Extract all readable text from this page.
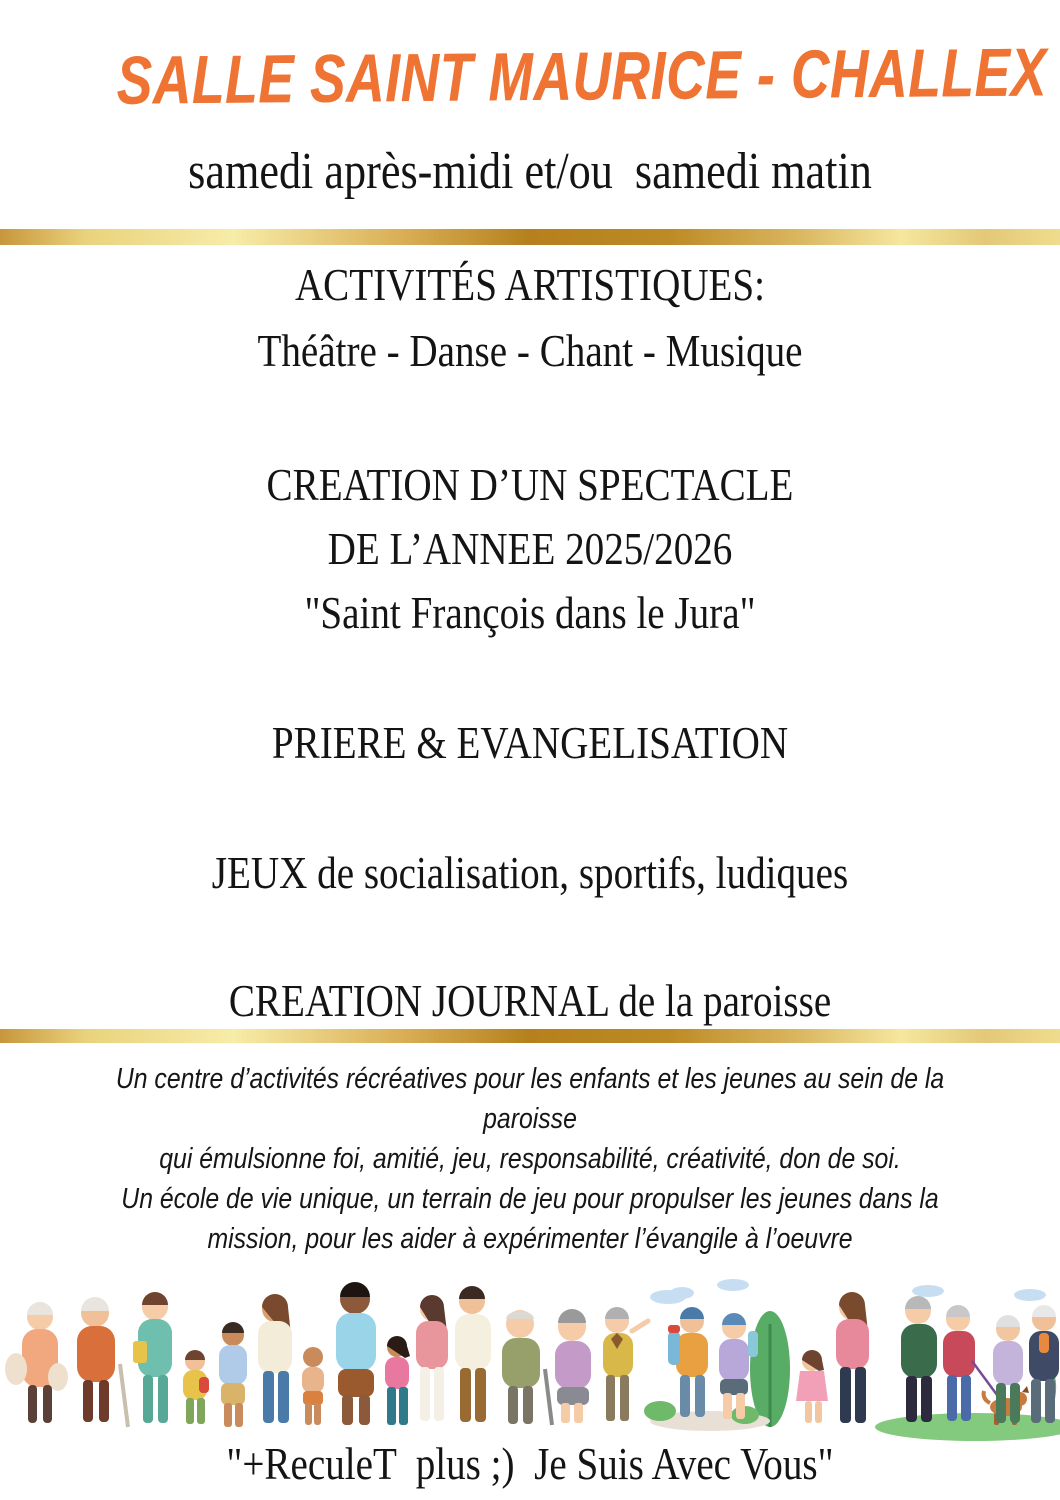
SALLE SAINT MAURICE - CHALLEX
samedi après-midi et/ou  samedi matin
ACTIVITÉS ARTISTIQUES:
Théâtre - Danse - Chant - Musique
CREATION D’UN SPECTACLE
DE L’ANNEE 2025/2026
"Saint François dans le Jura"
PRIERE & EVANGELISATION
JEUX de socialisation, sportifs, ludiques
CREATION JOURNAL de la paroisse
Un centre d’activités récréatives pour les enfants et les jeunes au sein de la
paroisse
qui émulsionne foi, amitié, jeu, responsabilité, créativité, don de soi.
Un école de vie unique, un terrain de jeu pour propulser les jeunes dans la
mission, pour les aider à expérimenter l’évangile à l’oeuvre
"+ReculeT  plus ;)  Je Suis Avec Vous"
